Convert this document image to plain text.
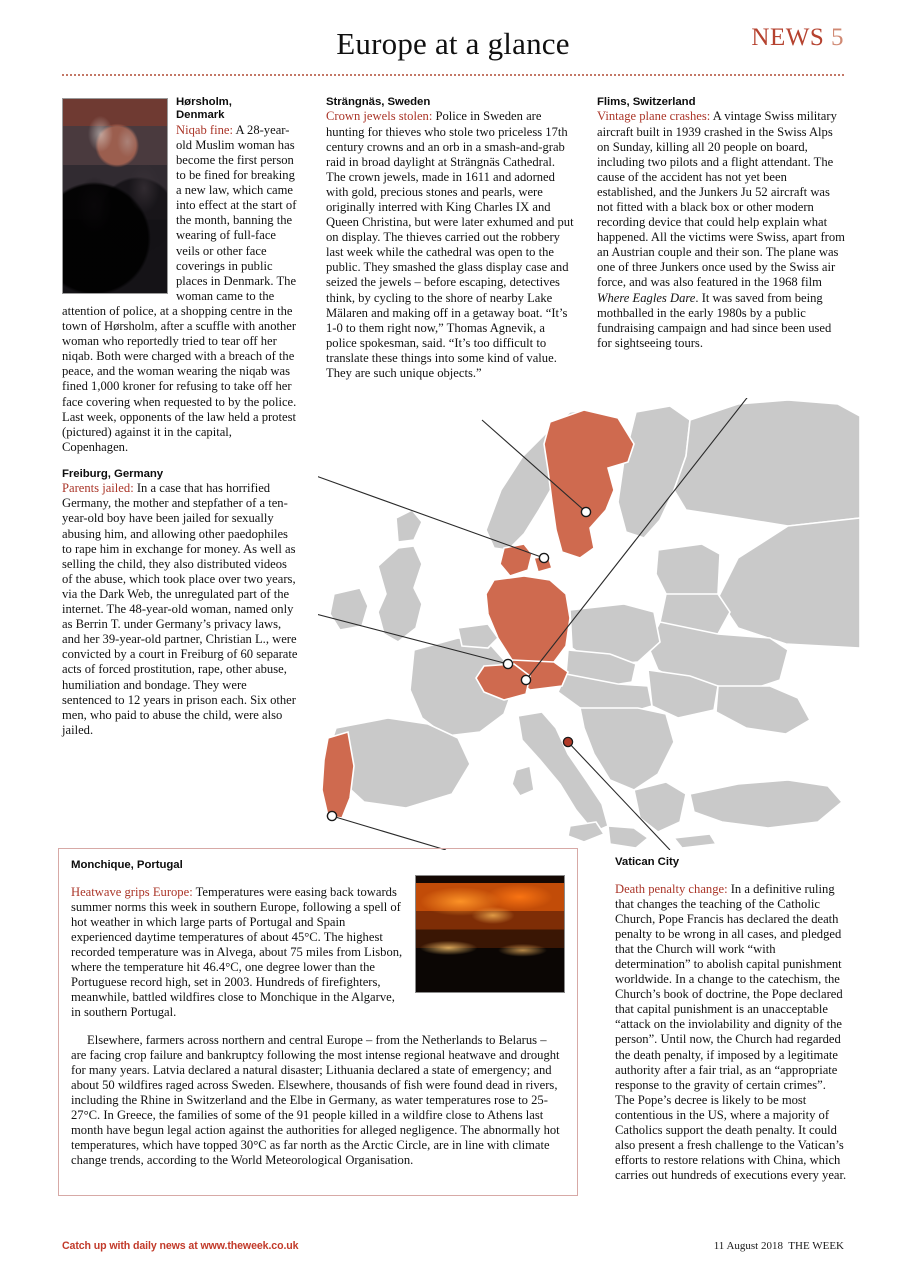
Europe at a glance	NEWS 5
Hørsholm,
Denmark

Niqab fine: A 28-year-old Muslim woman has become the first person to be fined for breaking a new law, which came into effect at the start of the month, banning the wearing of full-face veils or other face coverings in public places in Denmark. The woman came to the attention of police, at a shopping centre in the town of Hørsholm, after a scuffle with another woman who reportedly tried to tear off her niqab. Both were charged with a breach of the peace, and the woman wearing the niqab was fined 1,000 kroner for refusing to take off her face covering when requested to by the police. Last week, opponents of the law held a protest (pictured) against it in the capital, Copenhagen.

Freiburg, Germany

Parents jailed: In a case that has horrified Germany, the mother and stepfather of a ten-year-old boy have been jailed for sexually abusing him, and allowing other paedophiles to rape him in exchange for money. As well as selling the child, they also distributed videos of the abuse, which took place over two years, via the Dark Web, the unregulated part of the internet. The 48-year-old woman, named only as Berrin T. under Germany’s privacy laws, and her 39-year-old partner, Christian L., were convicted by a court in Freiburg of 60 separate acts of forced prostitution, rape, other abuse, humiliation and bondage. They were sentenced to 12 years in prison each. Six other men, who paid to abuse the child, were also jailed.

Strängnäs, Sweden

Crown jewels stolen: Police in Sweden are hunting for thieves who stole two priceless 17th century crowns and an orb in a smash-and-grab raid in broad daylight at Strängnäs Cathedral. The crown jewels, made in 1611 and adorned with gold, precious stones and pearls, were originally interred with King Charles IX and Queen Christina, but were later exhumed and put on display. The thieves carried out the robbery last week while the cathedral was open to the public. They smashed the glass display case and seized the jewels – before escaping, detectives think, by cycling to the shore of nearby Lake Mälaren and making off in a getaway boat. “It’s 1-0 to them right now,” Thomas Agnevik, a police spokesman, said. “It’s too difficult to translate these things into some kind of value. They are such unique objects.”

Flims, Switzerland

Vintage plane crashes: A vintage Swiss military aircraft built in 1939 crashed in the Swiss Alps on Sunday, killing all 20 people on board, including two pilots and a flight attendant. The cause of the accident has not yet been established, and the Junkers Ju 52 aircraft was not fitted with a black box or other modern recording device that could help explain what happened. All the victims were Swiss, apart from an Austrian couple and their son. The plane was one of three Junkers once used by the Swiss air force, and was also featured in the 1968 film Where Eagles Dare. It was saved from being mothballed in the early 1980s by a public fundraising campaign and had since been used for sightseeing tours.

Monchique, Portugal

Heatwave grips Europe: Temperatures were easing back towards summer norms this week in southern Europe, following a spell of hot weather in which large parts of Portugal and Spain experienced daytime temperatures of about 45°C. The highest recorded temperature was in Alvega, about 75 miles from Lisbon, where the temperature hit 46.4°C, one degree lower than the Portuguese record high, set in 2003. Hundreds of firefighters, meanwhile, battled wildfires close to Monchique in the Algarve, in southern Portugal.

Elsewhere, farmers across northern and central Europe – from the Netherlands to Belarus – are facing crop failure and bankruptcy following the most intense regional heatwave and drought for many years. Latvia declared a natural disaster; Lithuania declared a state of emergency; and about 50 wildfires raged across Sweden. Elsewhere, thousands of fish were found dead in rivers, including the Rhine in Switzerland and the Elbe in Germany, as water temperatures rose to 25-27°C. In Greece, the families of some of the 91 people killed in a wildfire close to Athens last month have begun legal action against the authorities for alleged negligence. The abnormally hot temperatures, which have topped 30°C as far north as the Arctic Circle, are in line with climate change trends, according to the World Meteorological Organisation.

Vatican City

Death penalty change: In a definitive ruling that changes the teaching of the Catholic Church, Pope Francis has declared the death penalty to be wrong in all cases, and pledged that the Church will work “with determination” to abolish capital punishment worldwide. In a change to the catechism, the Church’s book of doctrine, the Pope declared that capital punishment is an unacceptable “attack on the inviolability and dignity of the person”. Until now, the Church had regarded the death penalty, if imposed by a legitimate authority after a fair trial, as an “appropriate response to the gravity of certain crimes”. The Pope’s decree is likely to be most contentious in the US, where a majority of Catholics support the death penalty. It could also present a fresh challenge to the Vatican’s efforts to restore relations with China, which carries out hundreds of executions every year.

Catch up with daily news at www.theweek.co.uk	11 August 2018 THE WEEK
